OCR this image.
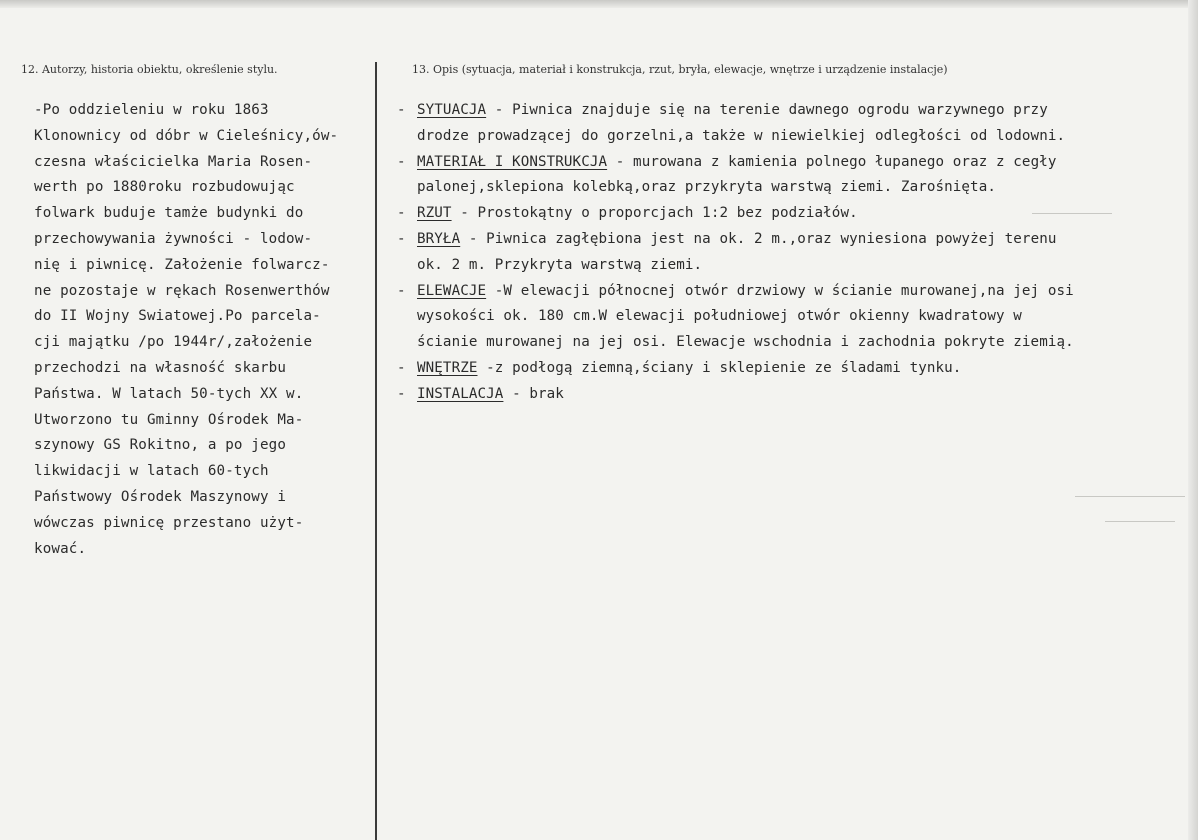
12. Autorzy, historia obiektu, określenie stylu.	13. Opis (sytuacja, materiał i konstrukcja, rzut, bryła, elewacje, wnętrze i urządzenie instalacje)
-Po oddzieleniu w roku 1863
Klonownicy od dóbr w Cieleśnicy,ów-
czesna właścicielka Maria Rosen-
werth po 1880roku rozbudowując
folwark buduje tamże budynki do
przechowywania żywności - lodow-
nię i piwnicę. Założenie folwarcz-
ne pozostaje w rękach Rosenwerthów
do II Wojny Swiatowej.Po parcela-
cji majątku /po 1944r/,założenie
przechodzi na własność skarbu
Państwa. W latach 50-tych XX w.
Utworzono tu Gminny Ośrodek Ma-
szynowy GS Rokitno, a po jego
likwidacji w latach 60-tych
Państwowy Ośrodek Maszynowy i
wówczas piwnicę przestano użyt-
kować.
- SYTUACJA - Piwnica znajduje się na terenie dawnego ogrodu warzywnego przy
drodze prowadzącej do gorzelni,a także w niewielkiej odległości od lodowni.
- MATERIAŁ I KONSTRUKCJA - murowana z kamienia polnego łupanego oraz z cegły
palonej,sklepiona kolebką,oraz przykryta warstwą ziemi. Zarośnięta.
- RZUT - Prostokątny o proporcjach 1:2 bez podziałów.
- BRYŁA - Piwnica zagłębiona jest na ok. 2 m.,oraz wyniesiona powyżej terenu
ok. 2 m. Przykryta warstwą ziemi.
- ELEWACJE -W elewacji północnej otwór drzwiowy w ścianie murowanej,na jej osi
wysokości ok. 180 cm.W elewacji południowej otwór okienny kwadratowy w
ścianie murowanej na jej osi. Elewacje wschodnia i zachodnia pokryte ziemią.
- WNĘTRZE -z podłogą ziemną,ściany i sklepienie ze śladami tynku.
- INSTALACJA - brak
